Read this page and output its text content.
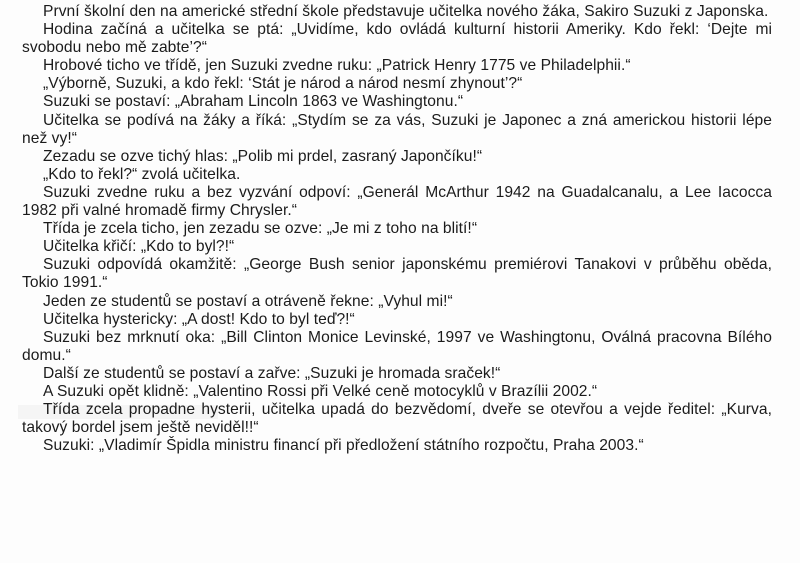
První školní den na americké střední škole představuje učitelka nového žáka, Sakiro Suzuki z Japonska.

Hodina začíná a učitelka se ptá: „Uvidíme, kdo ovládá kulturní historii Ameriky. Kdo řekl: ‘Dejte mi svobodu nebo mě zabte’?“

Hrobové ticho ve třídě, jen Suzuki zvedne ruku: „Patrick Henry 1775 ve Philadelphii.“

„Výborně, Suzuki, a kdo řekl: ‘Stát je národ a národ nesmí zhynout’?“

Suzuki se postaví: „Abraham Lincoln 1863 ve Washingtonu.“

Učitelka se podívá na žáky a říká: „Stydím se za vás, Suzuki je Japonec a zná americkou historii lépe než vy!“

Zezadu se ozve tichý hlas: „Polib mi prdel, zasraný Japončíku!“

„Kdo to řekl?“ zvolá učitelka.

Suzuki zvedne ruku a bez vyzvání odpoví: „Generál McArthur 1942 na Guadalcanalu, a Lee Iacocca 1982 při valné hromadě firmy Chrysler.“

Třída je zcela ticho, jen zezadu se ozve: „Je mi z toho na blití!“

Učitelka křičí: „Kdo to byl?!“

Suzuki odpovídá okamžitě: „George Bush senior japonskému premiérovi Tanakovi v průběhu oběda, Tokio 1991.“

Jeden ze studentů se postaví a otráveně řekne: „Vyhul mi!“

Učitelka hystericky: „A dost! Kdo to byl teď?!“

Suzuki bez mrknutí oka: „Bill Clinton Monice Levinské, 1997 ve Washingtonu, Oválná pracovna Bílého domu.“

Další ze studentů se postaví a zařve: „Suzuki je hromada sraček!“

A Suzuki opět klidně: „Valentino Rossi při Velké ceně motocyklů v Brazílii 2002.“

Třída zcela propadne hysterii, učitelka upadá do bezvědomí, dveře se otevřou a vejde ředitel: „Kurva, takový bordel jsem ještě neviděl!!“

Suzuki: „Vladimír Špidla ministru financí při předložení státního rozpočtu, Praha 2003.“
